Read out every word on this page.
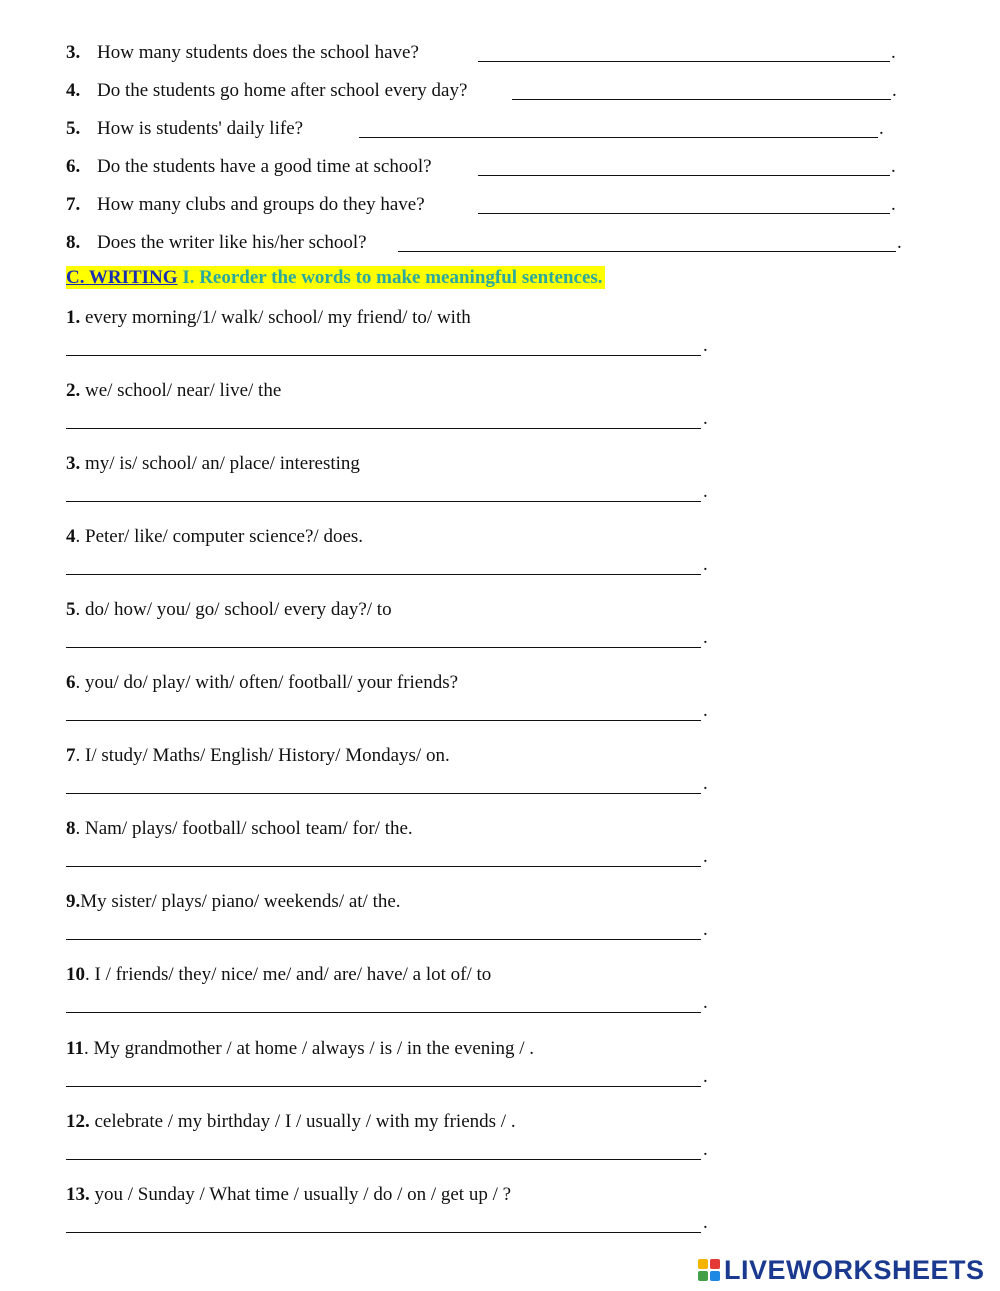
3. How many students does the school have?	.
4. Do the students go home after school every day?	.
5. How is students' daily life?	.
6. Do the students have a good time at school?	.
7. How many clubs and groups do they have?	.
8. Does the writer like his/her school?	.
C. WRITING I. Reorder the words to make meaningful sentences.
1. every morning/1/ walk/ school/ my friend/ to/ with
.
2. we/ school/ near/ live/ the
.
3. my/ is/ school/ an/ place/ interesting
.
4. Peter/ like/ computer science?/ does.
.
5. do/ how/ you/ go/ school/ every day?/ to
.
6. you/ do/ play/ with/ often/ football/ your friends?
.
7. I/ study/ Maths/ English/ History/ Mondays/ on.
.
8. Nam/ plays/ football/ school team/ for/ the.
.
9.My sister/ plays/ piano/ weekends/ at/ the.
.
10. I / friends/ they/ nice/ me/ and/ are/ have/ a lot of/ to
.
11. My grandmother / at home / always / is / in the evening / .
.
12. celebrate / my birthday / I / usually / with my friends / .
.
13. you / Sunday / What time / usually / do / on / get up / ?
.
LIVEWORKSHEETS
